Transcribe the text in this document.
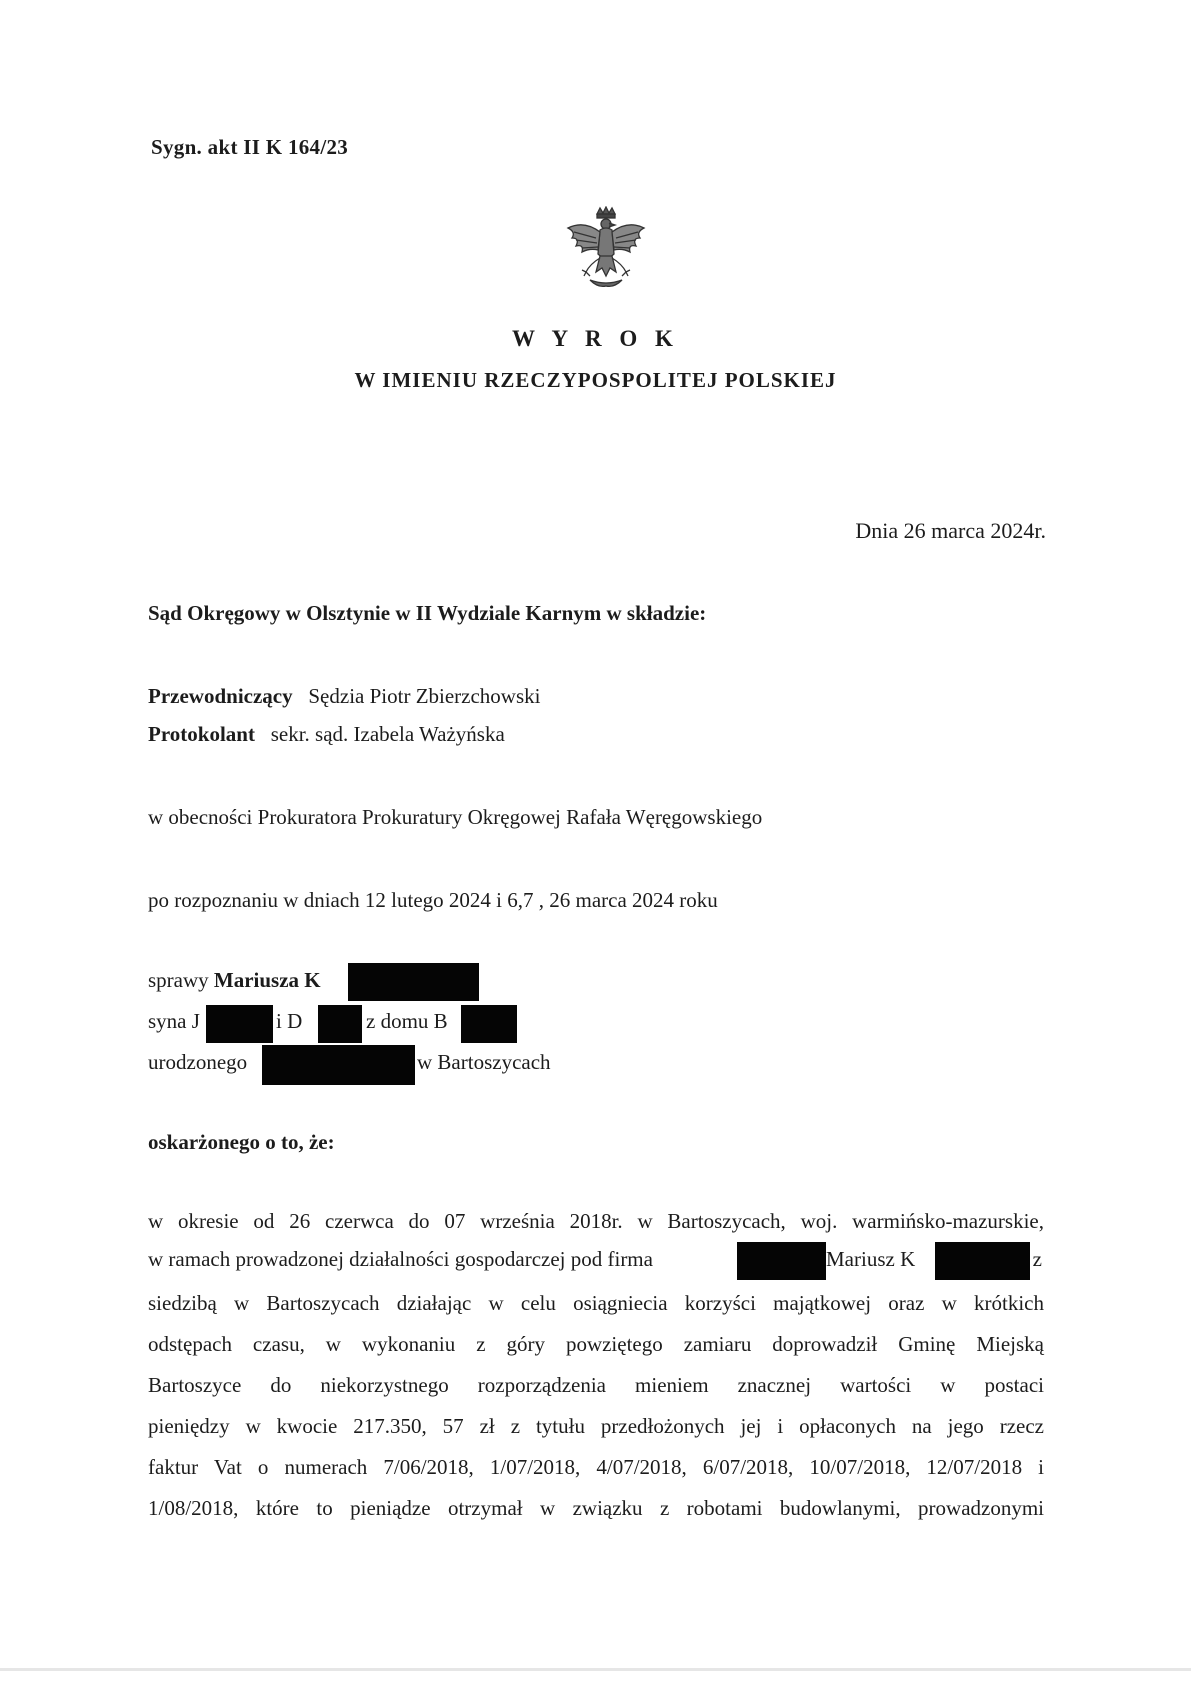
Sygn. akt II K 164/23
W Y R O K
W IMIENIU RZECZYPOSPOLITEJ POLSKIEJ
Dnia 26 marca 2024r.
Sąd Okręgowy w Olsztynie w II Wydziale Karnym w składzie:
Przewodniczący Sędzia Piotr Zbierzchowski
Protokolant sekr. sąd. Izabela Ważyńska
w obecności Prokuratora Prokuratury Okręgowej Rafała Węręgowskiego
po rozpoznaniu w dniach 12 lutego 2024 i 6,7 , 26 marca 2024 roku
sprawy Mariusza K
syna J	i D	z domu B
urodzonego	w Bartoszycach
oskarżonego o to, że:
w okresie od 26 czerwca do 07 września 2018r. w Bartoszycach, woj. warmińsko-mazurskie,
w ramach prowadzonej działalności gospodarczej pod firma	Mariusz K	z
siedzibą w Bartoszycach działając w celu osiągniecia korzyści majątkowej oraz w krótkich
odstępach czasu, w wykonaniu z góry powziętego zamiaru doprowadził Gminę Miejską
Bartoszyce do niekorzystnego rozporządzenia mieniem znacznej wartości w postaci
pieniędzy w kwocie 217.350, 57 zł z tytułu przedłożonych jej i opłaconych na jego rzecz
faktur Vat o numerach 7/06/2018, 1/07/2018, 4/07/2018, 6/07/2018, 10/07/2018, 12/07/2018 i
1/08/2018, które to pieniądze otrzymał w związku z robotami budowlanymi, prowadzonymi
